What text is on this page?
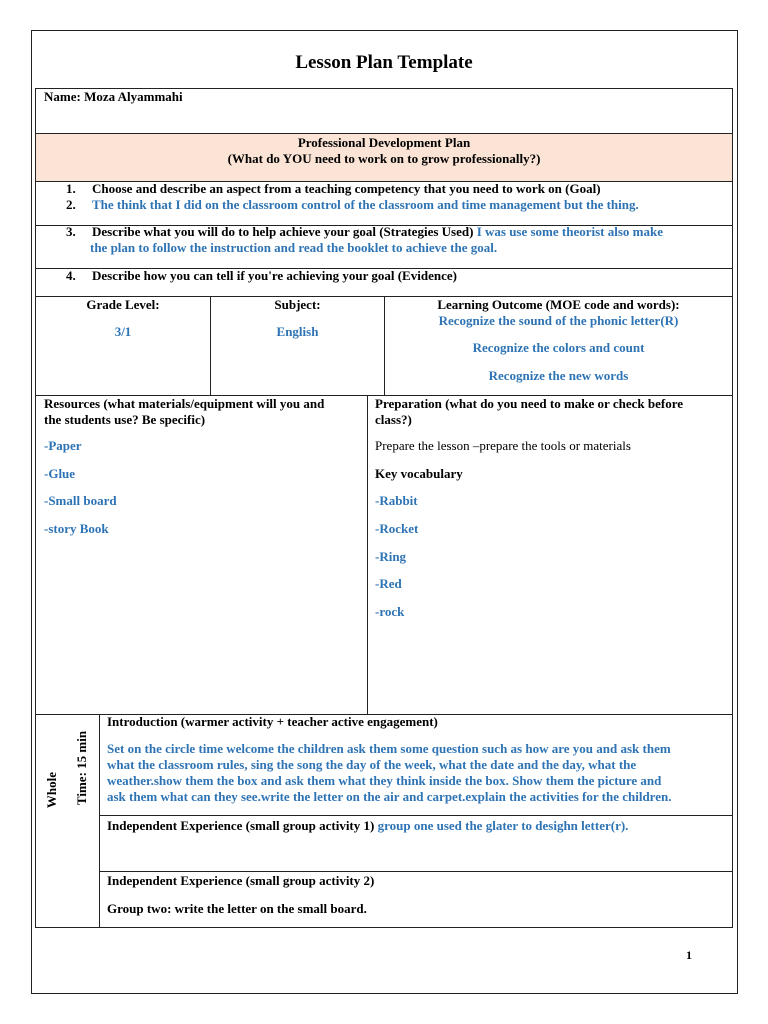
Lesson Plan Template
Name: Moza Alyammahi
Professional Development Plan
(What do YOU need to work on to grow professionally?)
1. Choose and describe an aspect from a teaching competency that you need to work on (Goal)
2. The think that I did on the classroom control of the classroom and time management but the thing.
3. Describe what you will do to help achieve your goal (Strategies Used) I was use some theorist also make
the plan to follow the instruction and read the booklet to achieve the goal.
4. Describe how you can tell if you're achieving your goal (Evidence)
Grade Level:
3/1
Subject:
English
Learning Outcome (MOE code and words):
Recognize the sound of the phonic letter(R)
Recognize the colors and count
Recognize the new words
Resources (what materials/equipment will you and
the students use? Be specific)
-Paper
-Glue
-Small board
-story Book
Preparation (what do you need to make or check before
class?)
Prepare the lesson –prepare the tools or materials
Key vocabulary
-Rabbit
-Rocket
-Ring
-Red
-rock
Whole Time: 15 min
Introduction (warmer activity + teacher active engagement)
Set on the circle time welcome the children ask them some question such as how are you and ask them
what the classroom rules, sing the song the day of the week, what the date and the day, what the
weather.show them the box and ask them what they think inside the box. Show them the picture and
ask them what can they see.write the letter on the air and carpet.explain the activities for the children.
Independent Experience (small group activity 1) group one used the glater to desighn letter(r).
Independent Experience (small group activity 2)
Group two: write the letter on the small board.
1
